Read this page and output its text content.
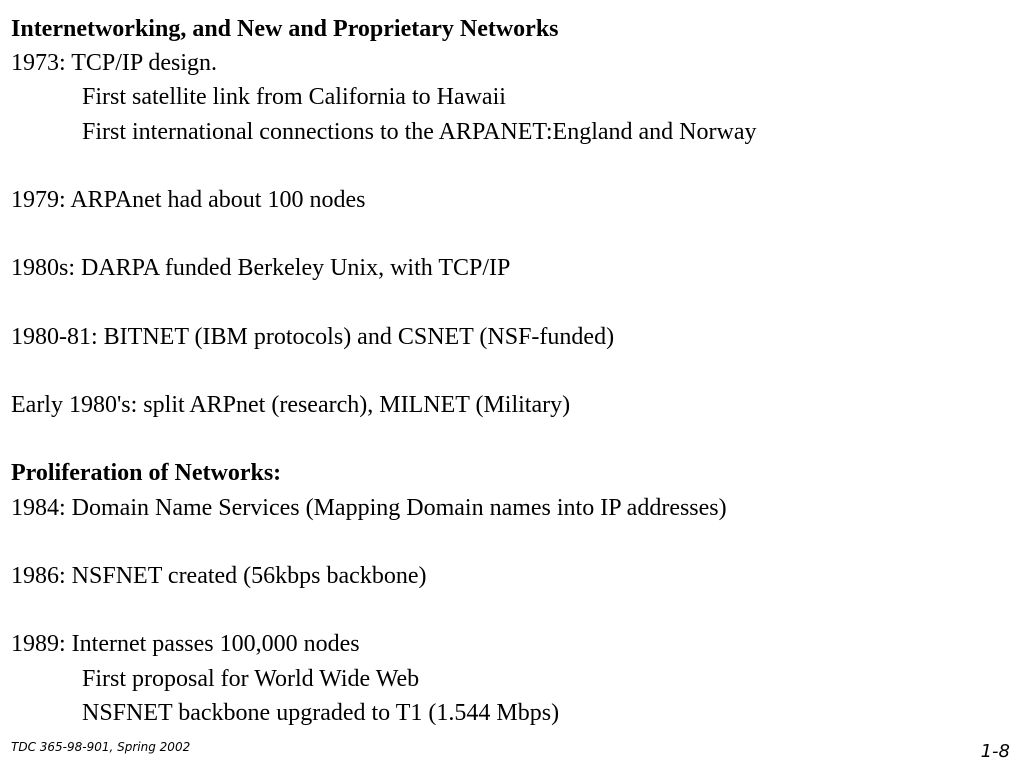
Internetworking, and New and Proprietary Networks
1973: TCP/IP design.
First satellite link from California to Hawaii
First international connections to the ARPANET:England and Norway
1979: ARPAnet had about 100 nodes
1980s: DARPA funded Berkeley Unix, with TCP/IP
1980-81: BITNET (IBM protocols) and CSNET (NSF-funded)
Early 1980's: split ARPnet (research), MILNET (Military)
Proliferation of Networks:
1984: Domain Name Services (Mapping Domain names into IP addresses)
1986: NSFNET created (56kbps backbone)
1989: Internet passes 100,000 nodes
First proposal for World Wide Web
NSFNET backbone upgraded to T1 (1.544 Mbps)
TDC 365-98-901, Spring 2002	1-8
